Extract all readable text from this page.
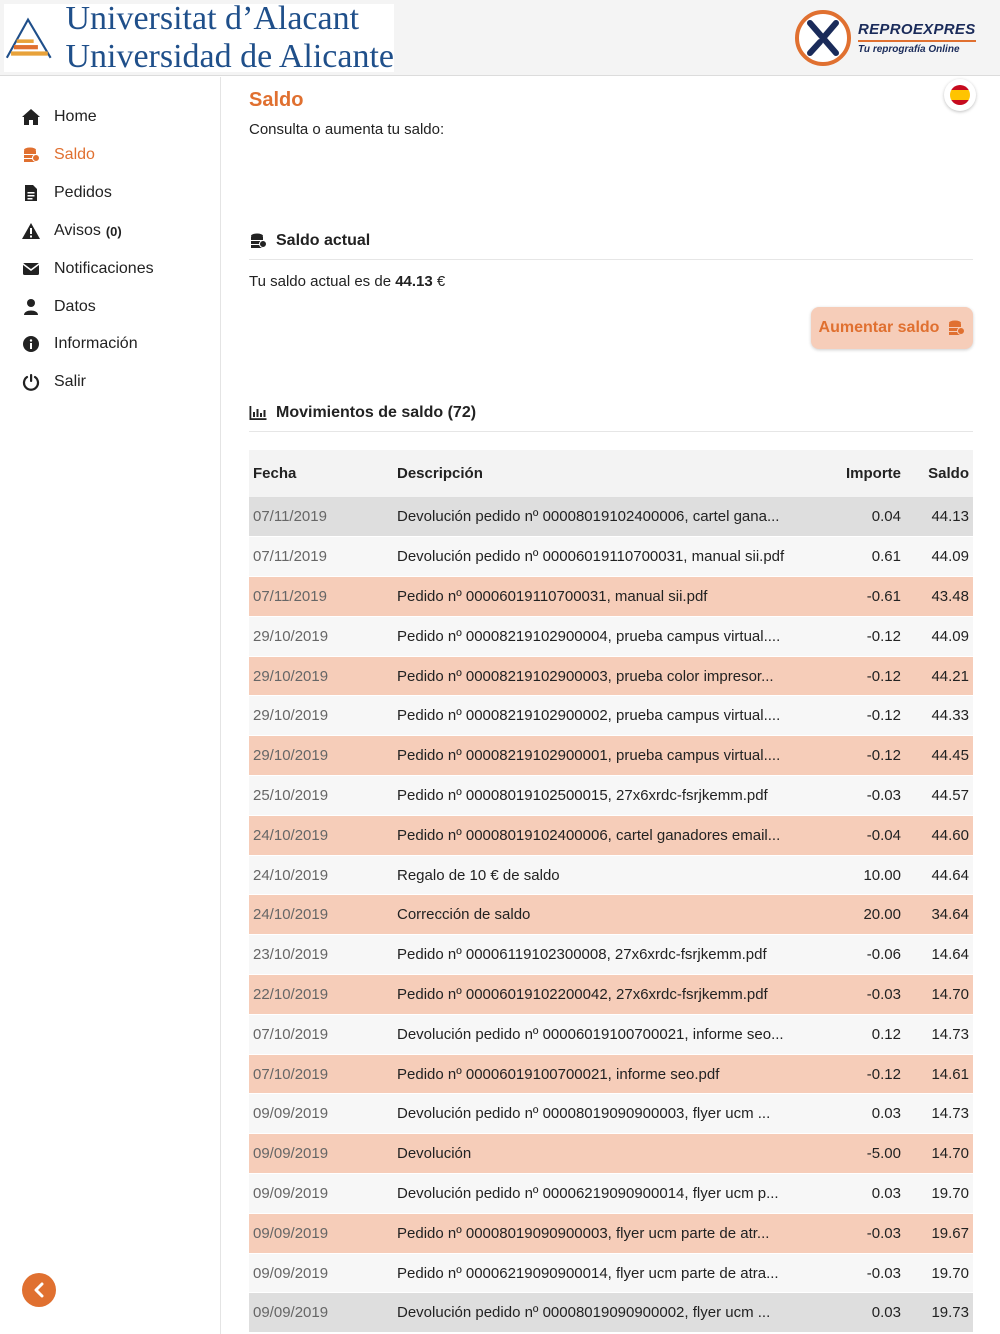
Universitat d’Alacant
Universidad de Alicante
REPROEXPRES
Tu reprografía Online
Home
Saldo
Pedidos
Avisos (0)
Notificaciones
Datos
Información
Salir
Saldo
Consulta o aumenta tu saldo:
Saldo actual
Tu saldo actual es de 44.13 €
Aumentar saldo
Movimientos de saldo (72)
Fecha	Descripción	Importe	Saldo
07/11/2019	Devolución pedido nº 00008019102400006, cartel gana...	0.04	44.13
07/11/2019	Devolución pedido nº 00006019110700031, manual sii.pdf	0.61	44.09
07/11/2019	Pedido nº 00006019110700031, manual sii.pdf	-0.61	43.48
29/10/2019	Pedido nº 00008219102900004, prueba campus virtual....	-0.12	44.09
29/10/2019	Pedido nº 00008219102900003, prueba color impresor...	-0.12	44.21
29/10/2019	Pedido nº 00008219102900002, prueba campus virtual....	-0.12	44.33
29/10/2019	Pedido nº 00008219102900001, prueba campus virtual....	-0.12	44.45
25/10/2019	Pedido nº 00008019102500015, 27x6xrdc-fsrjkemm.pdf	-0.03	44.57
24/10/2019	Pedido nº 00008019102400006, cartel ganadores email...	-0.04	44.60
24/10/2019	Regalo de 10 € de saldo	10.00	44.64
24/10/2019	Corrección de saldo	20.00	34.64
23/10/2019	Pedido nº 00006119102300008, 27x6xrdc-fsrjkemm.pdf	-0.06	14.64
22/10/2019	Pedido nº 00006019102200042, 27x6xrdc-fsrjkemm.pdf	-0.03	14.70
07/10/2019	Devolución pedido nº 00006019100700021, informe seo...	0.12	14.73
07/10/2019	Pedido nº 00006019100700021, informe seo.pdf	-0.12	14.61
09/09/2019	Devolución pedido nº 00008019090900003, flyer ucm ...	0.03	14.73
09/09/2019	Devolución	-5.00	14.70
09/09/2019	Devolución pedido nº 00006219090900014, flyer ucm p...	0.03	19.70
09/09/2019	Pedido nº 00008019090900003, flyer ucm parte de atr...	-0.03	19.67
09/09/2019	Pedido nº 00006219090900014, flyer ucm parte de atra...	-0.03	19.70
09/09/2019	Devolución pedido nº 00008019090900002, flyer ucm ...	0.03	19.73
